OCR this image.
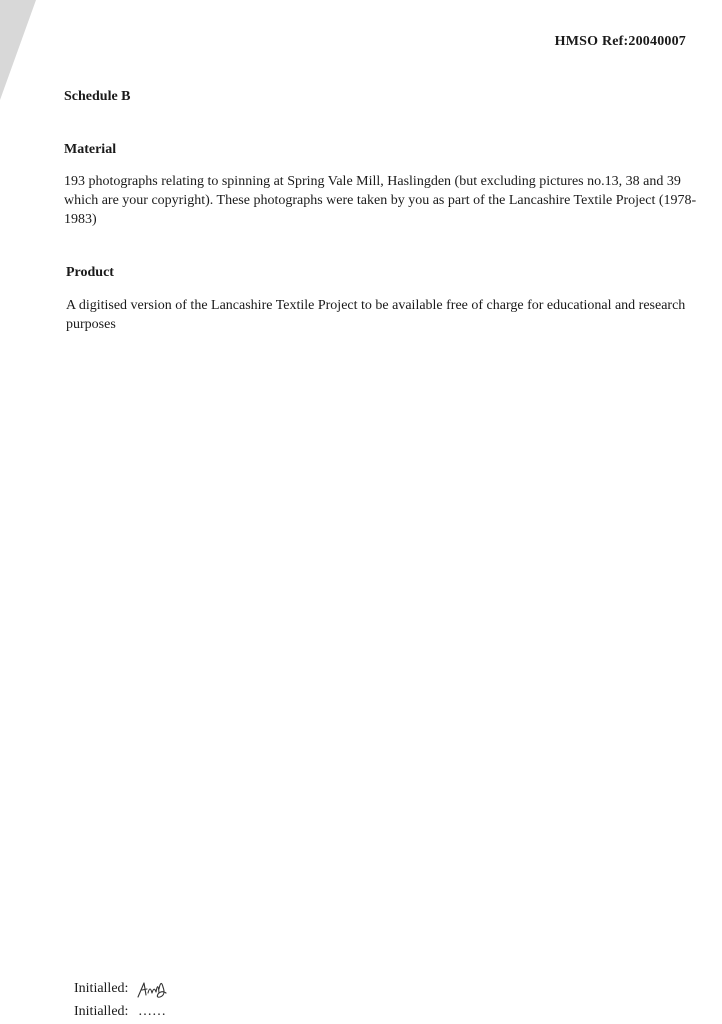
HMSO Ref:20040007
Schedule B
Material
193 photographs relating to spinning at Spring Vale Mill, Haslingden (but excluding pictures no.13, 38 and 39 which are your copyright). These photographs were taken by you as part of the Lancashire Textile Project (1978-1983)
Product
A digitised version of the Lancashire Textile Project to be available free of charge for educational and research purposes
Initialled:
Initialled: ……
